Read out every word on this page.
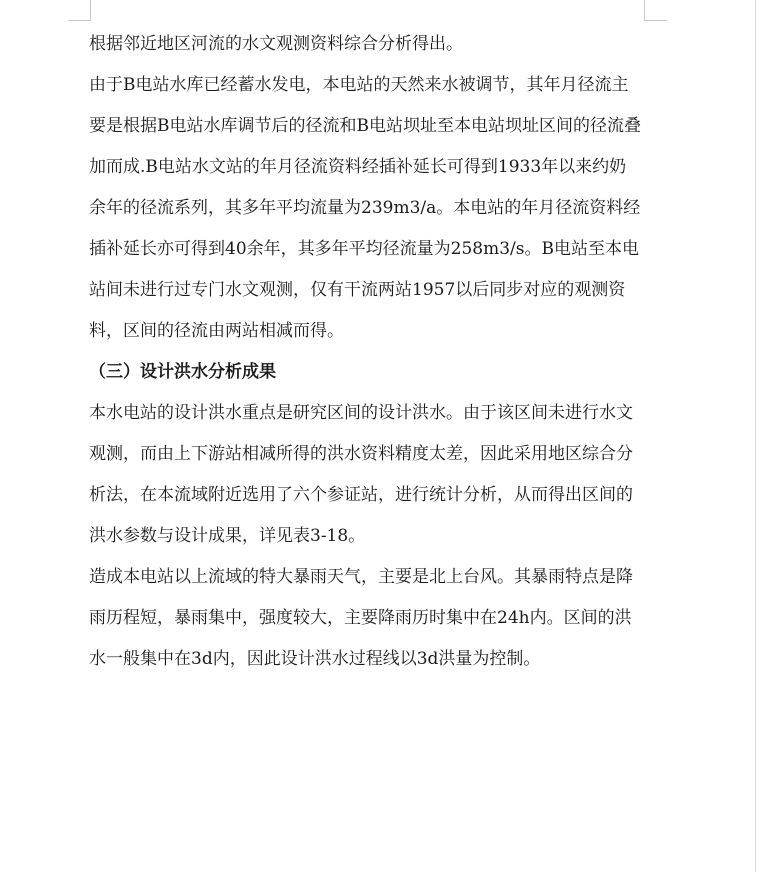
根据邻近地区河流的水文观测资料综合分析得出。

由于B电站水库已经蓄水发电，本电站的天然来水被调节，其年月径流主要是根据B电站水库调节后的径流和B电站坝址至本电站坝址区间的径流叠加而成.B电站水文站的年月径流资料经插补延长可得到1933年以来约奶余年的径流系列，其多年平均流量为239m3/a。本电站的年月径流资料经插补延长亦可得到40余年，其多年平均径流量为258m3/s。B电站至本电站间未进行过专门水文观测，仅有干流两站1957以后同步对应的观测资料，区间的径流由两站相减而得。

（三）设计洪水分析成果

本水电站的设计洪水重点是研究区间的设计洪水。由于该区间未进行水文观测，而由上下游站相减所得的洪水资料精度太差，因此采用地区综合分析法，在本流域附近选用了六个参证站，进行统计分析，从而得出区间的洪水参数与设计成果，详见表3-18。

造成本电站以上流域的特大暴雨天气，主要是北上台风。其暴雨特点是降雨历程短，暴雨集中，强度较大，主要降雨历时集中在24h内。区间的洪水一般集中在3d内，因此设计洪水过程线以3d洪量为控制。
